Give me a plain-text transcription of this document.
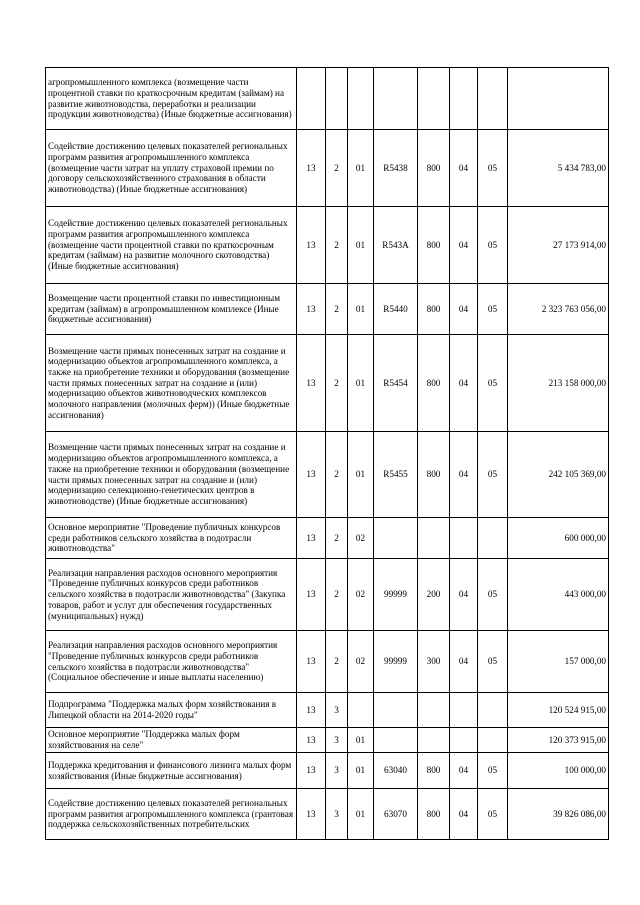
агропромышленного комплекса (возмещение части процентной ставки по краткосрочным кредитам (займам) на развитие животноводства, переработки и реализации продукции животноводства) (Иные бюджетные ассигнования)								
Содействие достижению целевых показателей региональных программ развития агропромышленного комплекса (возмещение части затрат на уплату страховой премии по договору сельскохозяйственного страхования в области животноводства) (Иные бюджетные ассигнования)	13	2	01	R5438	800	04	05	5 434 783,00
Содействие достижению целевых показателей региональных программ развития агропромышленного комплекса (возмещение части процентной ставки по краткосрочным кредитам (займам) на развитие молочного скотоводства) (Иные бюджетные ассигнования)	13	2	01	R543A	800	04	05	27 173 914,00
Возмещение части процентной ставки по инвестиционным кредитам (займам) в агропромышленном комплексе (Иные бюджетные ассигнования)	13	2	01	R5440	800	04	05	2 323 763 056,00
Возмещение части прямых понесенных затрат на создание и модернизацию объектов агропромышленного комплекса, а также на приобретение техники и оборудования (возмещение части прямых понесенных затрат на создание и (или) модернизацию объектов животноводческих комплексов молочного направления (молочных ферм)) (Иные бюджетные ассигнования)	13	2	01	R5454	800	04	05	213 158 000,00
Возмещение части прямых понесенных затрат на создание и модернизацию объектов агропромышленного комплекса, а также на приобретение техники и оборудования (возмещение части прямых понесенных затрат на создание и (или) модернизацию селекционно-генетических центров в животноводстве) (Иные бюджетные ассигнования)	13	2	01	R5455	800	04	05	242 105 369,00
Основное мероприятие "Проведение публичных конкурсов среди работников сельского хозяйства в подотрасли животноводства"	13	2	02					600 000,00
Реализация направления расходов основного мероприятия "Проведение публичных конкурсов среди работников сельского хозяйства в подотрасли животноводства" (Закупка товаров, работ и услуг для обеспечения государственных (муниципальных) нужд)	13	2	02	99999	200	04	05	443 000,00
Реализация направления расходов основного мероприятия "Проведение публичных конкурсов среди работников сельского хозяйства в подотрасли животноводства" (Социальное обеспечение и иные выплаты населению)	13	2	02	99999	300	04	05	157 000,00
Подпрограмма "Поддержка малых форм хозяйствования в Липецкой области на 2014-2020 годы"	13	3						120 524 915,00
Основное мероприятие "Поддержка малых форм хозяйствования на селе"	13	3	01					120 373 915,00
Поддержка кредитования и финансового лизинга малых форм хозяйствования (Иные бюджетные ассигнования)	13	3	01	63040	800	04	05	100 000,00
Содействие достижению целевых показателей региональных программ развития агропромышленного комплекса (грантовая поддержка сельскохозяйственных потребительских	13	3	01	63070	800	04	05	39 826 086,00
